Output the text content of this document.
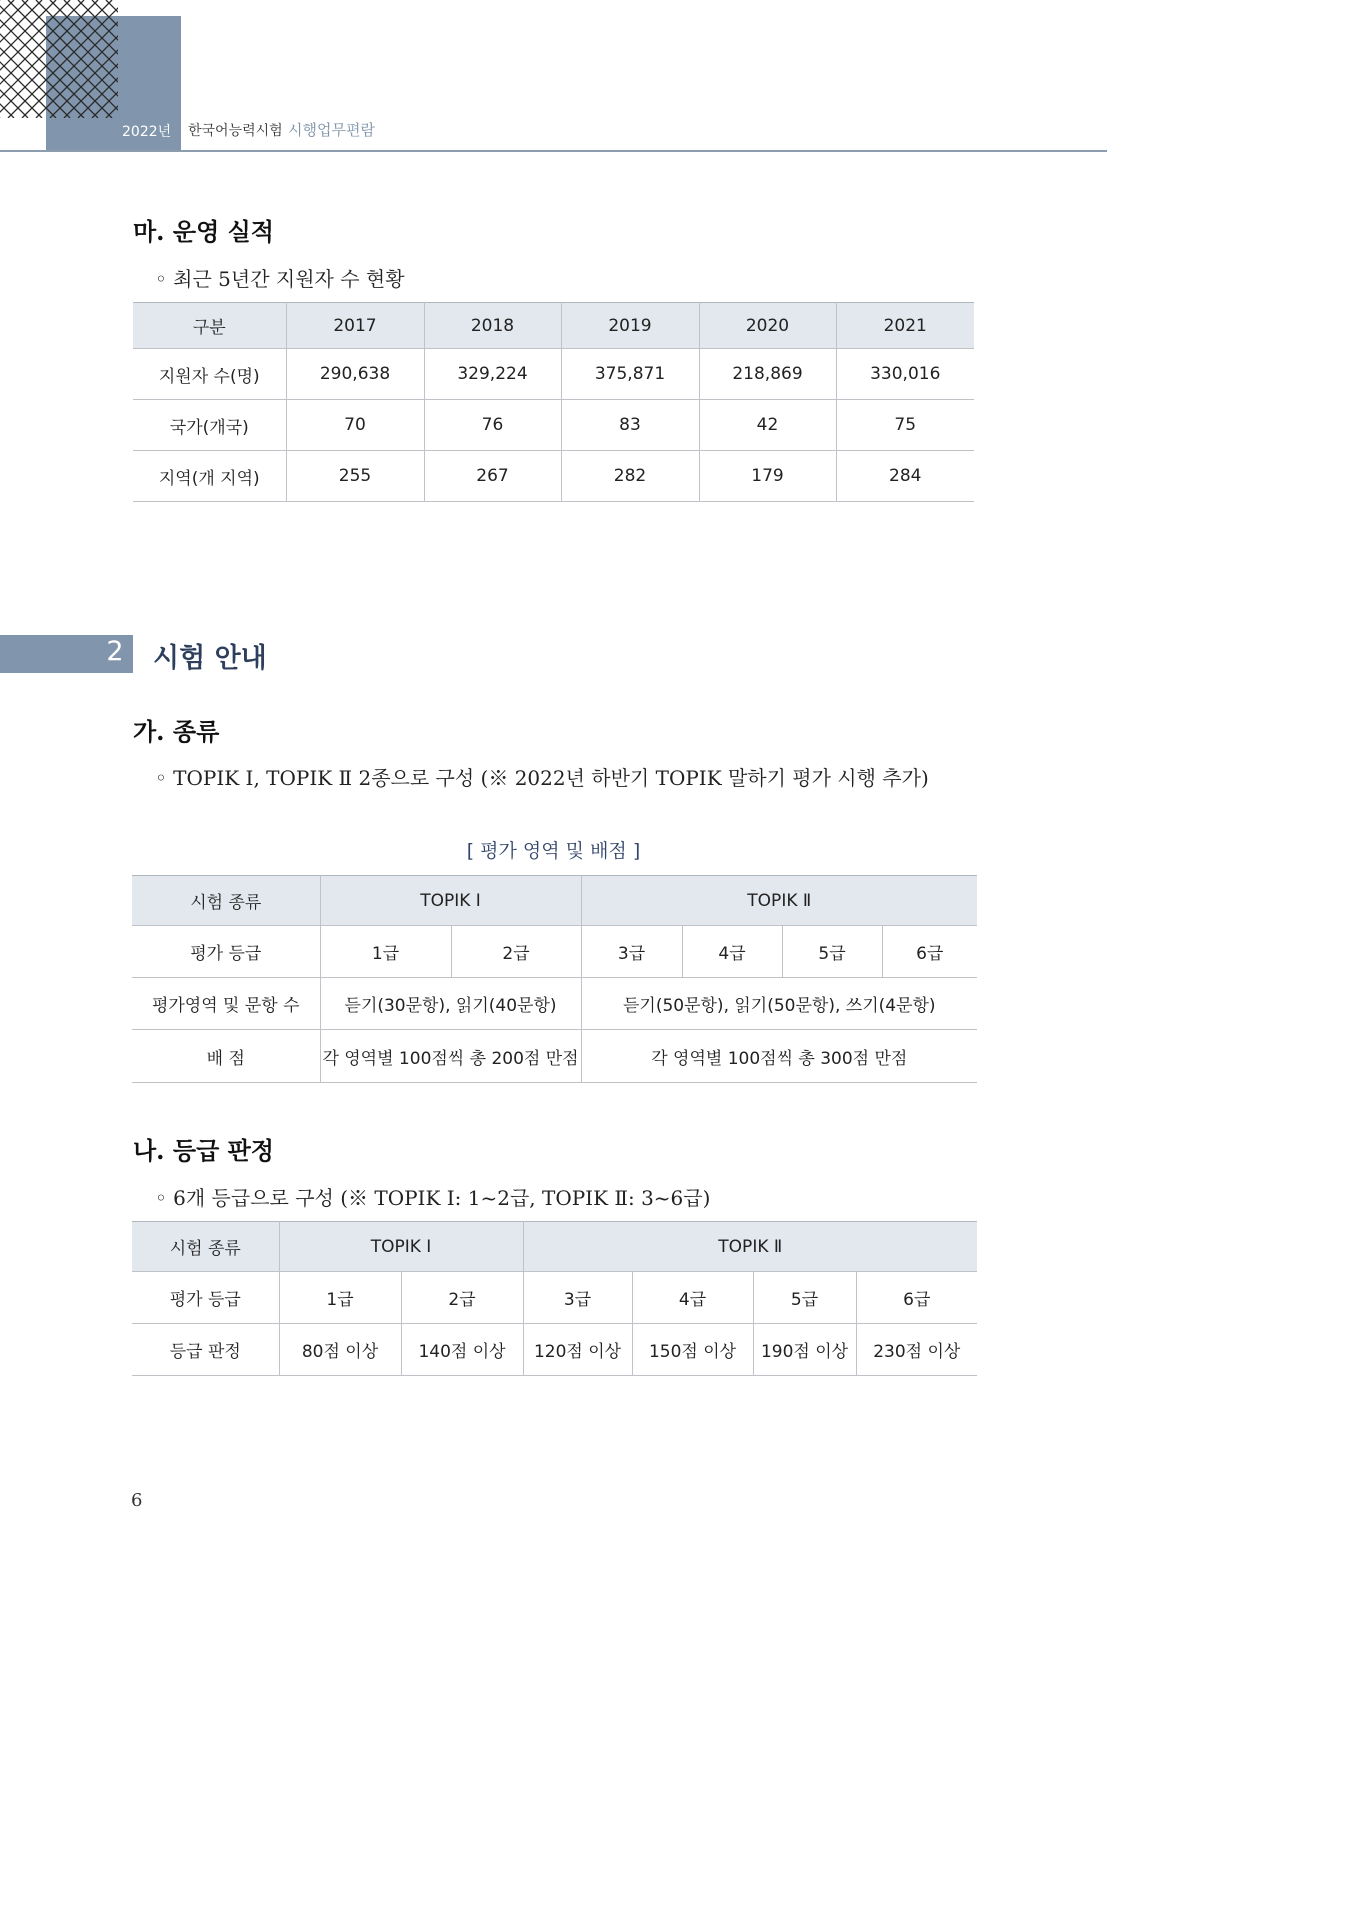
2022년 한국어능력시험 시행업무편람
마. 운영 실적
◦ 최근 5년간 지원자 수 현황
구분	2017	2018	2019	2020	2021
지원자 수(명)	290,638	329,224	375,871	218,869	330,016
국가(개국)	70	76	83	42	75
지역(개 지역)	255	267	282	179	284
2 시험 안내
가. 종류
◦ TOPIK Ⅰ, TOPIK Ⅱ 2종으로 구성 (※ 2022년 하반기 TOPIK 말하기 평가 시행 추가)
[ 평가 영역 및 배점 ]
시험 종류	TOPIK Ⅰ		TOPIK Ⅱ			
평가 등급	1급	2급	3급	4급	5급	6급
평가영역 및 문항 수	듣기(30문항), 읽기(40문항)		듣기(50문항), 읽기(50문항), 쓰기(4문항)			
배 점	각 영역별 100점씩 총 200점 만점		각 영역별 100점씩 총 300점 만점			
나. 등급 판정
◦ 6개 등급으로 구성 (※ TOPIK Ⅰ: 1~2급, TOPIK Ⅱ: 3~6급)
시험 종류	TOPIK Ⅰ		TOPIK Ⅱ			
평가 등급	1급	2급	3급	4급	5급	6급
등급 판정	80점 이상	140점 이상	120점 이상	150점 이상	190점 이상	230점 이상
6
